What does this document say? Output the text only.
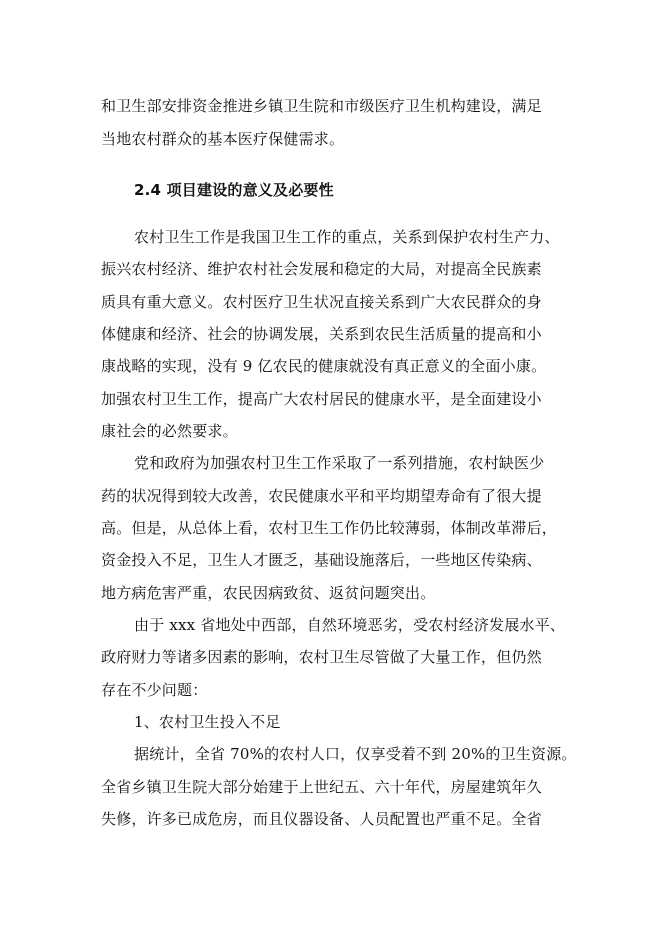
和卫生部安排资金推进乡镇卫生院和市级医疗卫生机构建设，满足
当地农村群众的基本医疗保健需求。
2.4 项目建设的意义及必要性
农村卫生工作是我国卫生工作的重点，关系到保护农村生产力、
振兴农村经济、维护农村社会发展和稳定的大局，对提高全民族素
质具有重大意义。农村医疗卫生状况直接关系到广大农民群众的身
体健康和经济、社会的协调发展，关系到农民生活质量的提高和小
康战略的实现，没有 9 亿农民的健康就没有真正意义的全面小康。
加强农村卫生工作，提高广大农村居民的健康水平，是全面建设小
康社会的必然要求。
党和政府为加强农村卫生工作采取了一系列措施，农村缺医少
药的状况得到较大改善，农民健康水平和平均期望寿命有了很大提
高。但是，从总体上看，农村卫生工作仍比较薄弱，体制改革滞后，
资金投入不足，卫生人才匮乏，基础设施落后，一些地区传染病、
地方病危害严重，农民因病致贫、返贫问题突出。
由于 xxx 省地处中西部，自然环境恶劣，受农村经济发展水平、
政府财力等诸多因素的影响，农村卫生尽管做了大量工作，但仍然
存在不少问题：
1、农村卫生投入不足
据统计，全省 70%的农村人口，仅享受着不到 20%的卫生资源。
全省乡镇卫生院大部分始建于上世纪五、六十年代，房屋建筑年久
失修，许多已成危房，而且仪器设备、人员配置也严重不足。全省
